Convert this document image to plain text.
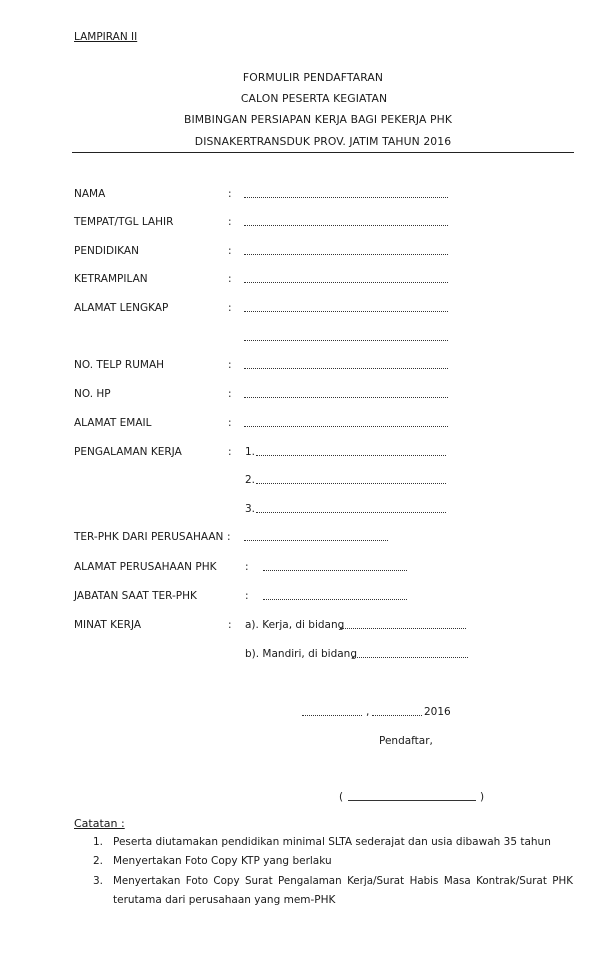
LAMPIRAN II
FORMULIR PENDAFTARAN
CALON PESERTA KEGIATAN
BIMBINGAN PERSIAPAN KERJA BAGI PEKERJA PHK
DISNAKERTRANSDUK PROV. JATIM TAHUN 2016
NAMA	:
TEMPAT/TGL LAHIR	:
PENDIDIKAN	:
KETRAMPILAN	:
ALAMAT LENGKAP	:
NO. TELP RUMAH	:
NO. HP	:
ALAMAT EMAIL	:
PENGALAMAN KERJA	: 1.
2.
3.
TER-PHK DARI PERUSAHAAN :
ALAMAT PERUSAHAAN PHK	:
JABATAN SAAT TER-PHK	:
MINAT KERJA	: a). Kerja, di bidang
b). Mandiri, di bidang
,	2016
Pendaftar,
(	)
Catatan :
1. Peserta diutamakan pendidikan minimal SLTA sederajat dan usia dibawah 35 tahun
2. Menyertakan Foto Copy KTP yang berlaku
3. Menyertakan Foto Copy Surat Pengalaman Kerja/Surat Habis Masa Kontrak/Surat PHK
terutama dari perusahaan yang mem-PHK
